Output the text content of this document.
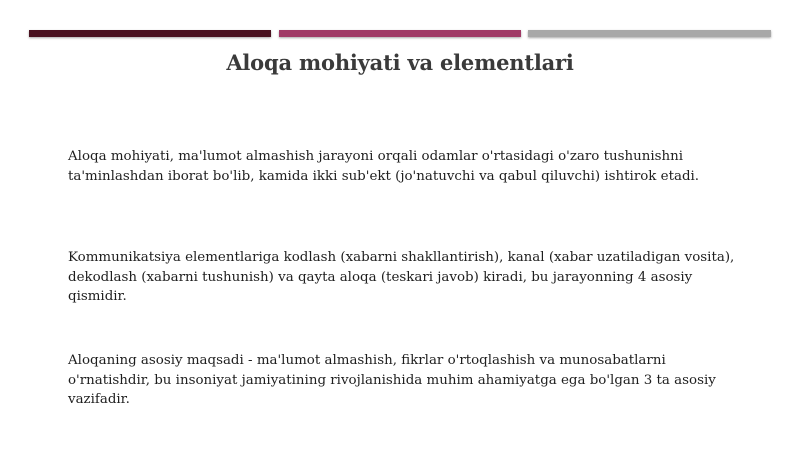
Aloqa mohiyati va elementlari
Aloqa mohiyati, ma'lumot almashish jarayoni orqali odamlar o'rtasidagi o'zaro tushunishni ta'minlashdan iborat bo'lib, kamida ikki sub'ekt (jo'natuvchi va qabul qiluvchi) ishtirok etadi.
Kommunikatsiya elementlariga kodlash (xabarni shakllantirish), kanal (xabar uzatiladigan vosita), dekodlash (xabarni tushunish) va qayta aloqa (teskari javob) kiradi, bu jarayonning 4 asosiy qismidir.
Aloqaning asosiy maqsadi - ma'lumot almashish, fikrlar o'rtoqlashish va munosabatlarni o'rnatishdir, bu insoniyat jamiyatining rivojlanishida muhim ahamiyatga ega bo'lgan 3 ta asosiy vazifadir.
